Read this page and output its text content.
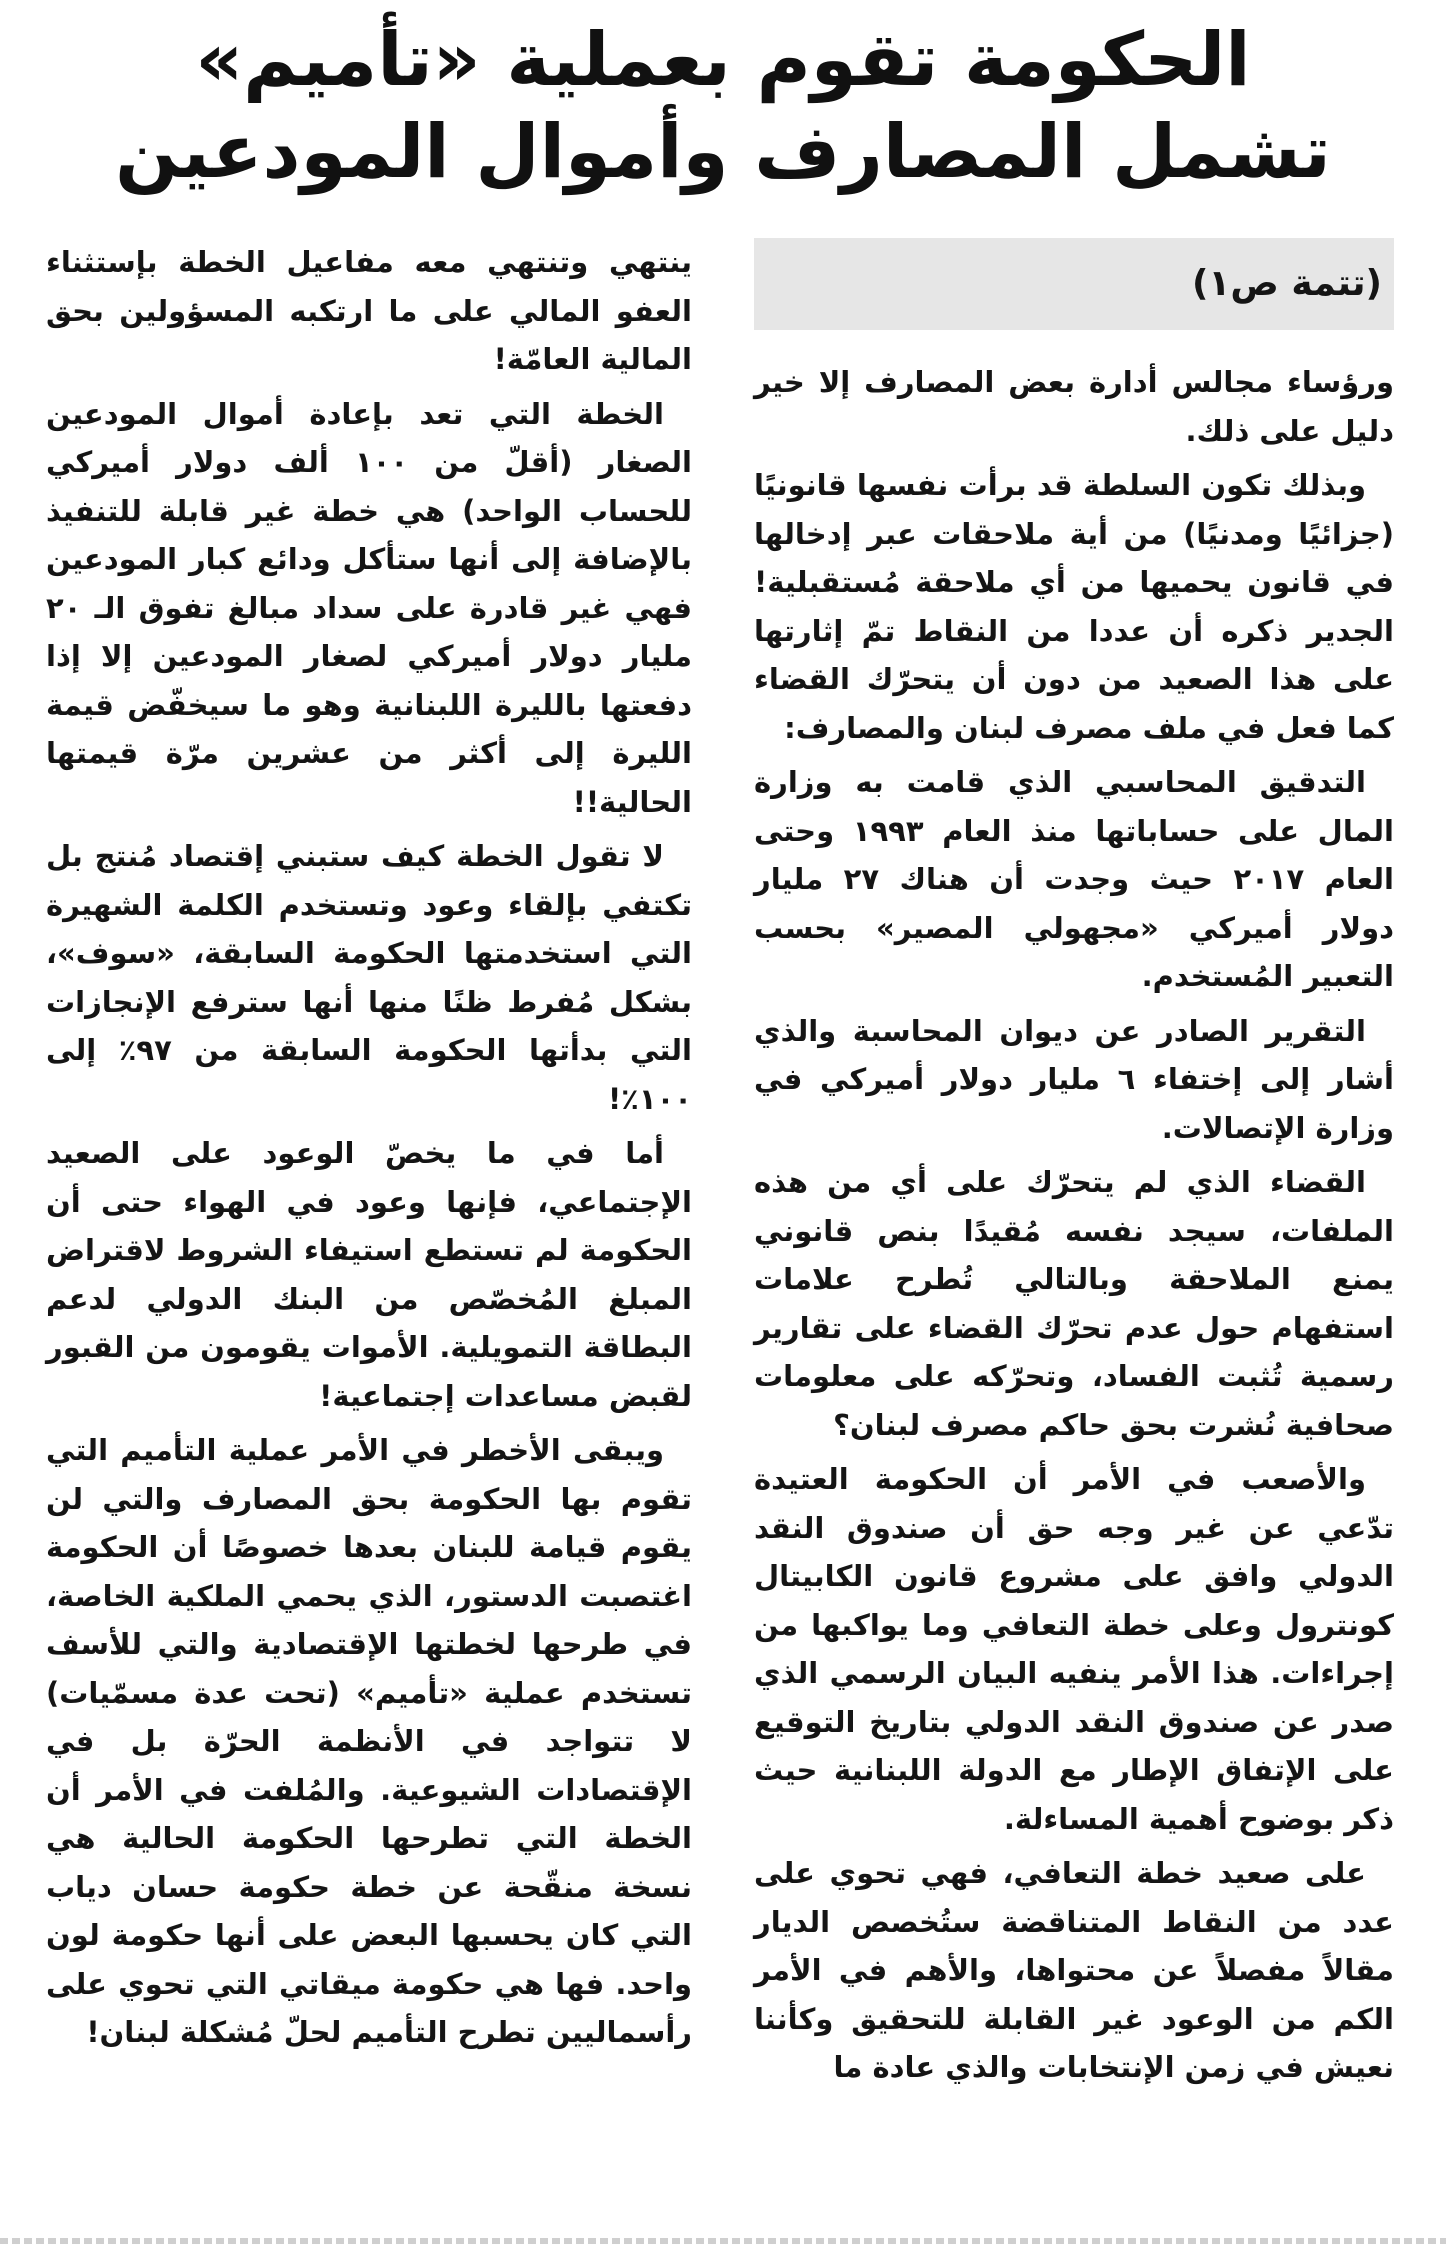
الحكومة تقوم بعملية «تأميم»
تشمل المصارف وأموال المودعين
(تتمة ص١)

ورؤساء مجالس أدارة بعض المصارف إلا خير دليل على ذلك.

وبذلك تكون السلطة قد برأت نفسها قانونيًا (جزائيًا ومدنيًا) من أية ملاحقات عبر إدخالها في قانون يحميها من أي ملاحقة مُستقبلية! الجدير ذكره أن عددا من النقاط تمّ إثارتها على هذا الصعيد من دون أن يتحرّك القضاء كما فعل في ملف مصرف لبنان والمصارف:

التدقيق المحاسبي الذي قامت به وزارة المال على حساباتها منذ العام ١٩٩٣ وحتى العام ٢٠١٧ حيث وجدت أن هناك ٢٧ مليار دولار أميركي «مجهولي المصير» بحسب التعبير المُستخدم.

التقرير الصادر عن ديوان المحاسبة والذي أشار إلى إختفاء ٦ مليار دولار أميركي في وزارة الإتصالات.

القضاء الذي لم يتحرّك على أي من هذه الملفات، سيجد نفسه مُقيدًا بنص قانوني يمنع الملاحقة وبالتالي تُطرح علامات استفهام حول عدم تحرّك القضاء على تقارير رسمية تُثبت الفساد، وتحرّكه على معلومات صحافية نُشرت بحق حاكم مصرف لبنان؟

والأصعب في الأمر أن الحكومة العتيدة تدّعي عن غير وجه حق أن صندوق النقد الدولي وافق على مشروع قانون الكابيتال كونترول وعلى خطة التعافي وما يواكبها من إجراءات. هذا الأمر ينفيه البيان الرسمي الذي صدر عن صندوق النقد الدولي بتاريخ التوقيع على الإتفاق الإطار مع الدولة اللبنانية حيث ذكر بوضوح أهمية المساءلة.

على صعيد خطة التعافي، فهي تحوي على عدد من النقاط المتناقضة ستُخصص الديار مقالاً مفصلاً عن محتواها، والأهم في الأمر الكم من الوعود غير القابلة للتحقيق وكأننا نعيش في زمن الإنتخابات والذي عادة ما

ينتهي وتنتهي معه مفاعيل الخطة بإستثناء العفو المالي على ما ارتكبه المسؤولين بحق المالية العامّة!

الخطة التي تعد بإعادة أموال المودعين الصغار (أقلّ من ١٠٠ ألف دولار أميركي للحساب الواحد) هي خطة غير قابلة للتنفيذ بالإضافة إلى أنها ستأكل ودائع كبار المودعين فهي غير قادرة على سداد مبالغ تفوق الـ ٢٠ مليار دولار أميركي لصغار المودعين إلا إذا دفعتها بالليرة اللبنانية وهو ما سيخفّض قيمة الليرة إلى أكثر من عشرين مرّة قيمتها الحالية!!

لا تقول الخطة كيف ستبني إقتصاد مُنتج بل تكتفي بإلقاء وعود وتستخدم الكلمة الشهيرة التي استخدمتها الحكومة السابقة، «سوف»، بشكل مُفرط ظنًا منها أنها سترفع الإنجازات التي بدأتها الحكومة السابقة من ٩٧٪ إلى ١٠٠٪!

أما في ما يخصّ الوعود على الصعيد الإجتماعي، فإنها وعود في الهواء حتى أن الحكومة لم تستطع استيفاء الشروط لاقتراض المبلغ المُخصّص من البنك الدولي لدعم البطاقة التمويلية. الأموات يقومون من القبور لقبض مساعدات إجتماعية!

ويبقى الأخطر في الأمر عملية التأميم التي تقوم بها الحكومة بحق المصارف والتي لن يقوم قيامة للبنان بعدها خصوصًا أن الحكومة اغتصبت الدستور، الذي يحمي الملكية الخاصة، في طرحها لخطتها الإقتصادية والتي للأسف تستخدم عملية «تأميم» (تحت عدة مسمّيات) لا تتواجد في الأنظمة الحرّة بل في الإقتصادات الشيوعية. والمُلفت في الأمر أن الخطة التي تطرحها الحكومة الحالية هي نسخة منقّحة عن خطة حكومة حسان دياب التي كان يحسبها البعض على أنها حكومة لون واحد. فها هي حكومة ميقاتي التي تحوي على رأسماليين تطرح التأميم لحلّ مُشكلة لبنان!
